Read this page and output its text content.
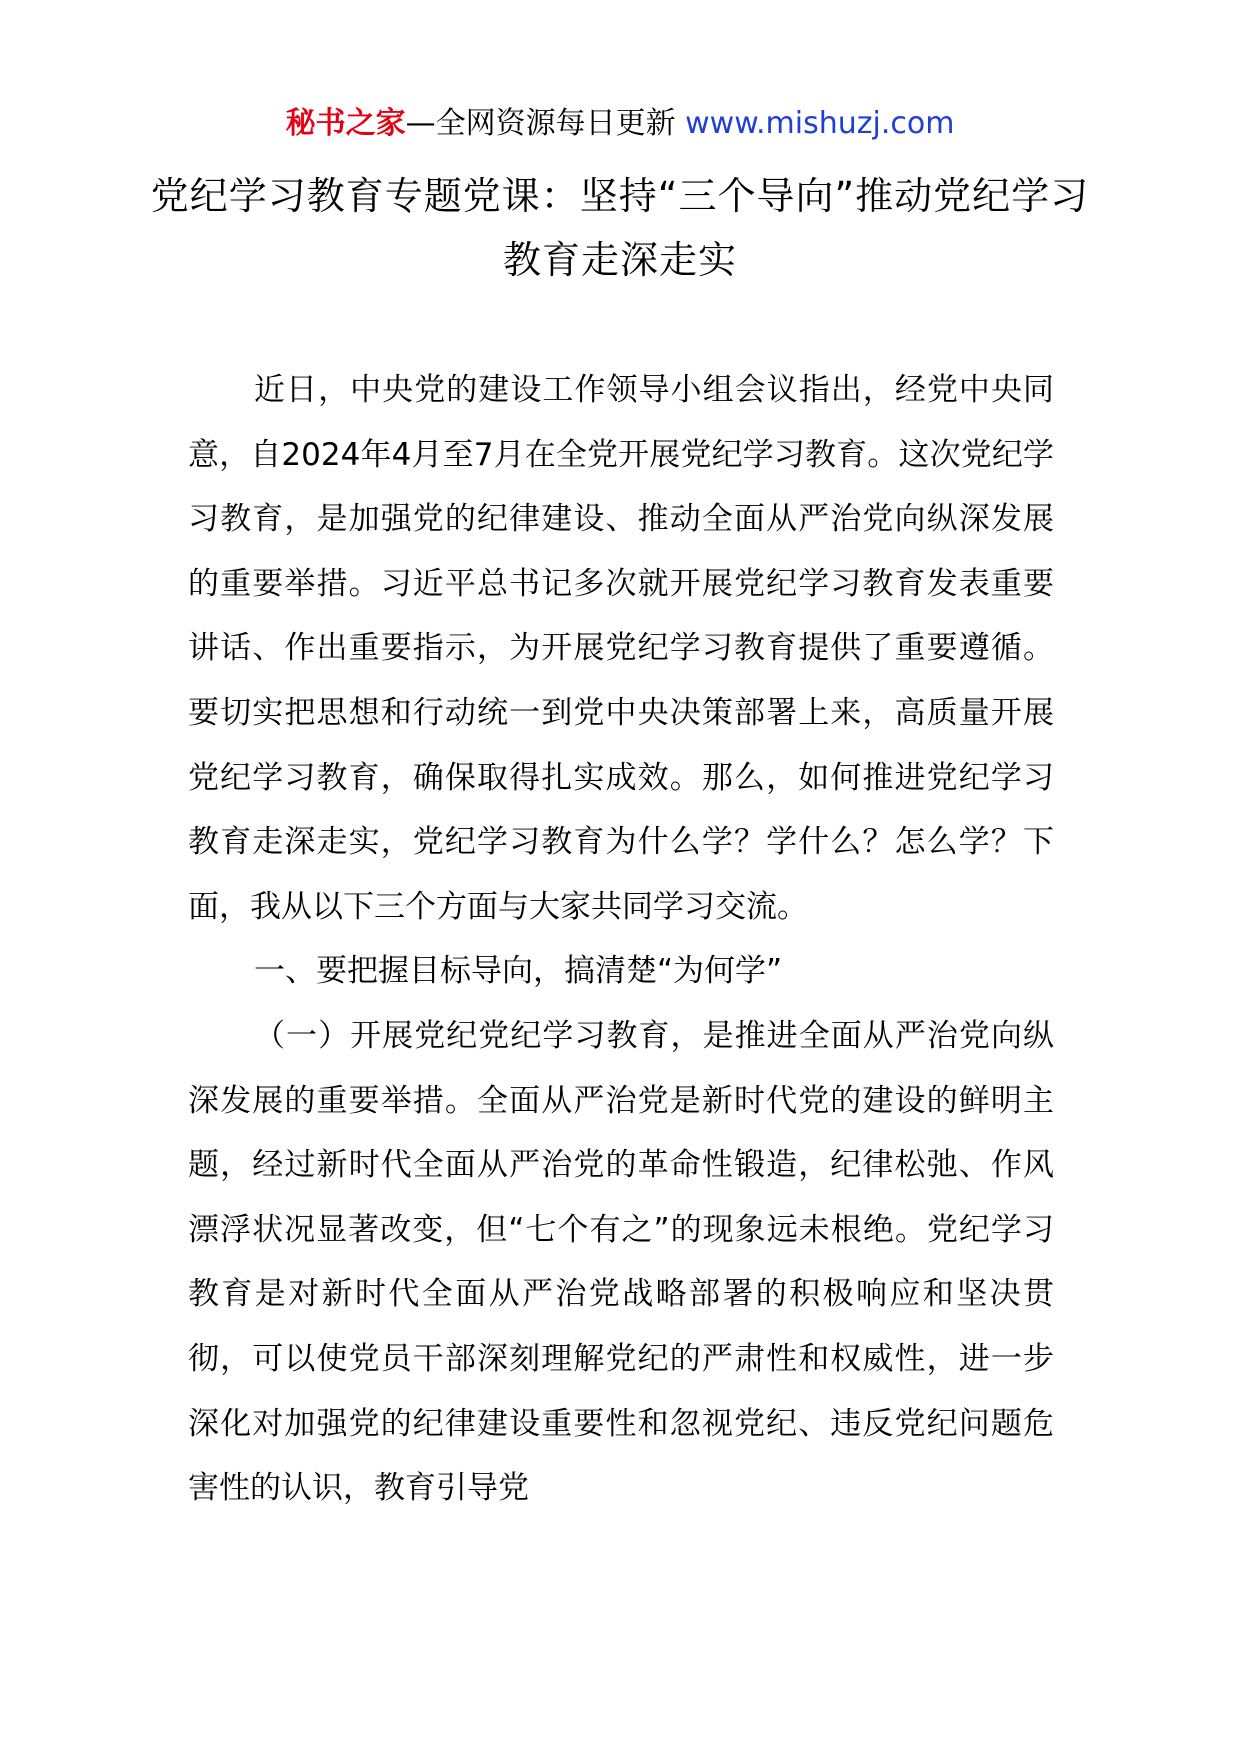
秘书之家—全网资源每日更新 www.mishuzj.com
党纪学习教育专题党课：坚持“三个导向”推动党纪学习教育走深走实

近日，中央党的建设工作领导小组会议指出，经党中央同意，自2024年4月至7月在全党开展党纪学习教育。这次党纪学习教育，是加强党的纪律建设、推动全面从严治党向纵深发展的重要举措。习近平总书记多次就开展党纪学习教育发表重要讲话、作出重要指示，为开展党纪学习教育提供了重要遵循。要切实把思想和行动统一到党中央决策部署上来，高质量开展党纪学习教育，确保取得扎实成效。那么，如何推进党纪学习教育走深走实，党纪学习教育为什么学？学什么？怎么学？下面，我从以下三个方面与大家共同学习交流。

一、要把握目标导向，搞清楚“为何学”

（一）开展党纪党纪学习教育，是推进全面从严治党向纵深发展的重要举措。全面从严治党是新时代党的建设的鲜明主题，经过新时代全面从严治党的革命性锻造，纪律松弛、作风漂浮状况显著改变，但“七个有之”的现象远未根绝。党纪学习教育是对新时代全面从严治党战略部署的积极响应和坚决贯彻，可以使党员干部深刻理解党纪的严肃性和权威性，进一步深化对加强党的纪律建设重要性和忽视党纪、违反党纪问题危害性的认识，教育引导党
